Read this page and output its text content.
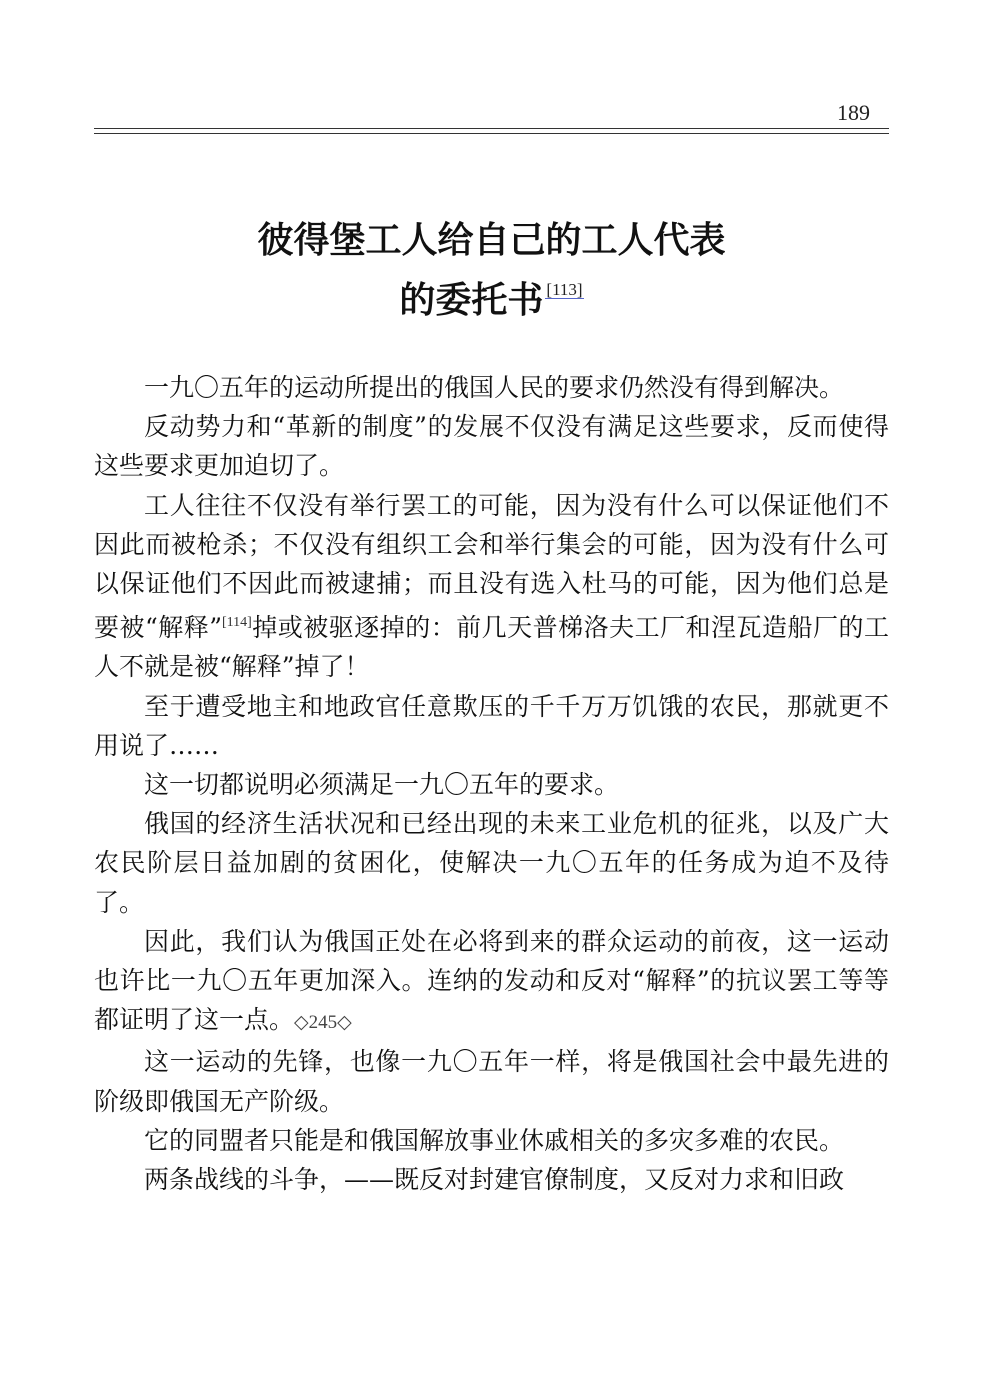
189
彼得堡工人给自己的工人代表
的委托书 [113]

一九〇五年的运动所提出的俄国人民的要求仍然没有得到解决。

反动势力和“革新的制度”的发展不仅没有满足这些要求，反而使得这些要求更加迫切了。

工人往往不仅没有举行罢工的可能，因为没有什么可以保证他们不因此而被枪杀；不仅没有组织工会和举行集会的可能，因为没有什么可以保证他们不因此而被逮捕；而且没有选入杜马的可能，因为他们总是要被“解释”[114]掉或被驱逐掉的：前几天普梯洛夫工厂和涅瓦造船厂的工人不就是被“解释”掉了！

至于遭受地主和地政官任意欺压的千千万万饥饿的农民，那就更不用说了……

这一切都说明必须满足一九〇五年的要求。

俄国的经济生活状况和已经出现的未来工业危机的征兆，以及广大农民阶层日益加剧的贫困化，使解决一九〇五年的任务成为迫不及待了。

因此，我们认为俄国正处在必将到来的群众运动的前夜，这一运动也许比一九〇五年更加深入。连纳的发动和反对“解释”的抗议罢工等等都证明了这一点。◇245◇

这一运动的先锋，也像一九〇五年一样，将是俄国社会中最先进的阶级即俄国无产阶级。

它的同盟者只能是和俄国解放事业休戚相关的多灾多难的农民。

两条战线的斗争，——既反对封建官僚制度，又反对力求和旧政
